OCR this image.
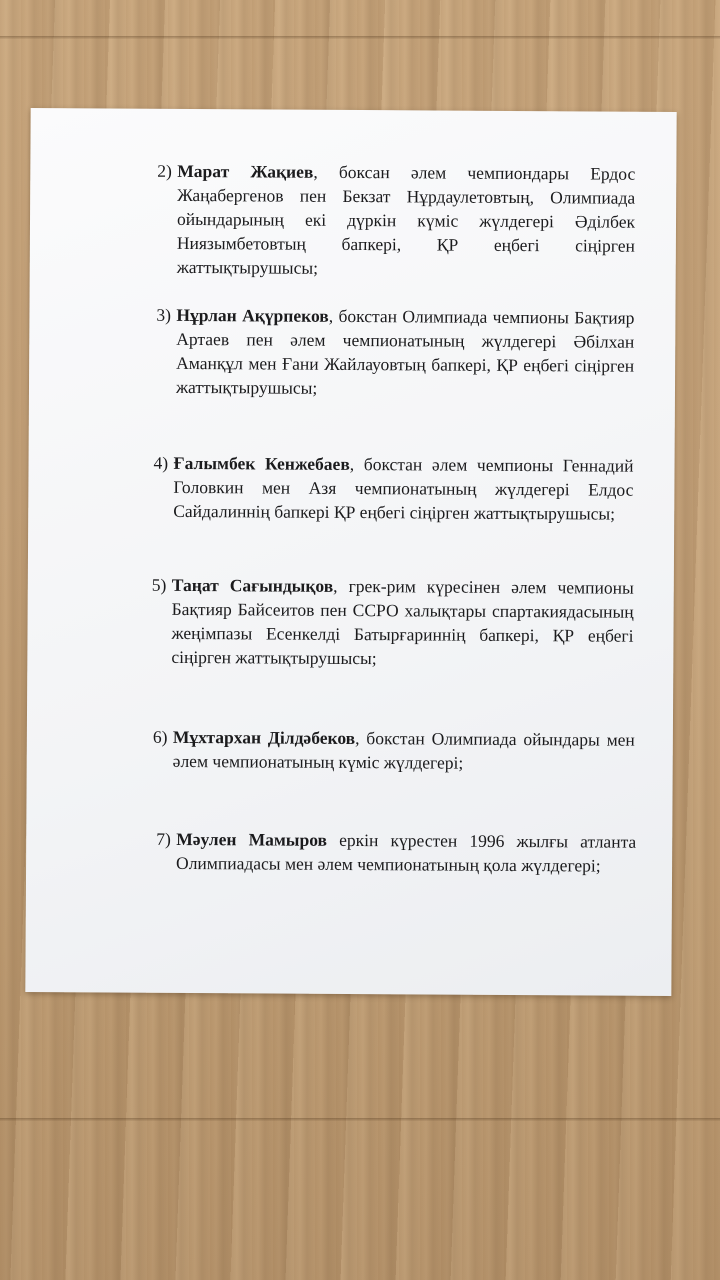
2) Марат Жақиев, боксан әлем чемпиондары Ердос Жаңабергенов пен Бекзат Нұрдаулетовтың, Олимпиада ойындарының екі дүркін күміс жүлдегері Әділбек Ниязымбетовтың бапкері, ҚР еңбегі сіңірген жаттықтырушысы;
3) Нұрлан Ақүрпеков, бокстан Олимпиада чемпионы Бақтияр Артаев пен әлем чемпионатының жүлдегері Әбілхан Аманқұл мен Ғани Жайлауовтың бапкері, ҚР еңбегі сіңірген жаттықтырушысы;
4) Ғалымбек Кенжебаев, бокстан әлем чемпионы Геннадий Головкин мен Азя чемпионатының жүлдегері Елдос Сайдалиннің бапкері ҚР еңбегі сіңірген жаттықтырушысы;
5) Таңат Сағындықов, грек-рим күресінен әлем чемпионы Бақтияр Байсеитов пен ССРО халықтары спартакиядасының жеңімпазы Есенкелді Батырғариннің бапкері, ҚР еңбегі сіңірген жаттықтырушысы;
6) Мұхтархан Ділдәбеков, бокстан Олимпиада ойындары мен әлем чемпионатының күміс жүлдегері;
7) Мәулен Мамыров еркін күрестен 1996 жылғы атланта Олимпиадасы мен әлем чемпионатының қола жүлдегері;
